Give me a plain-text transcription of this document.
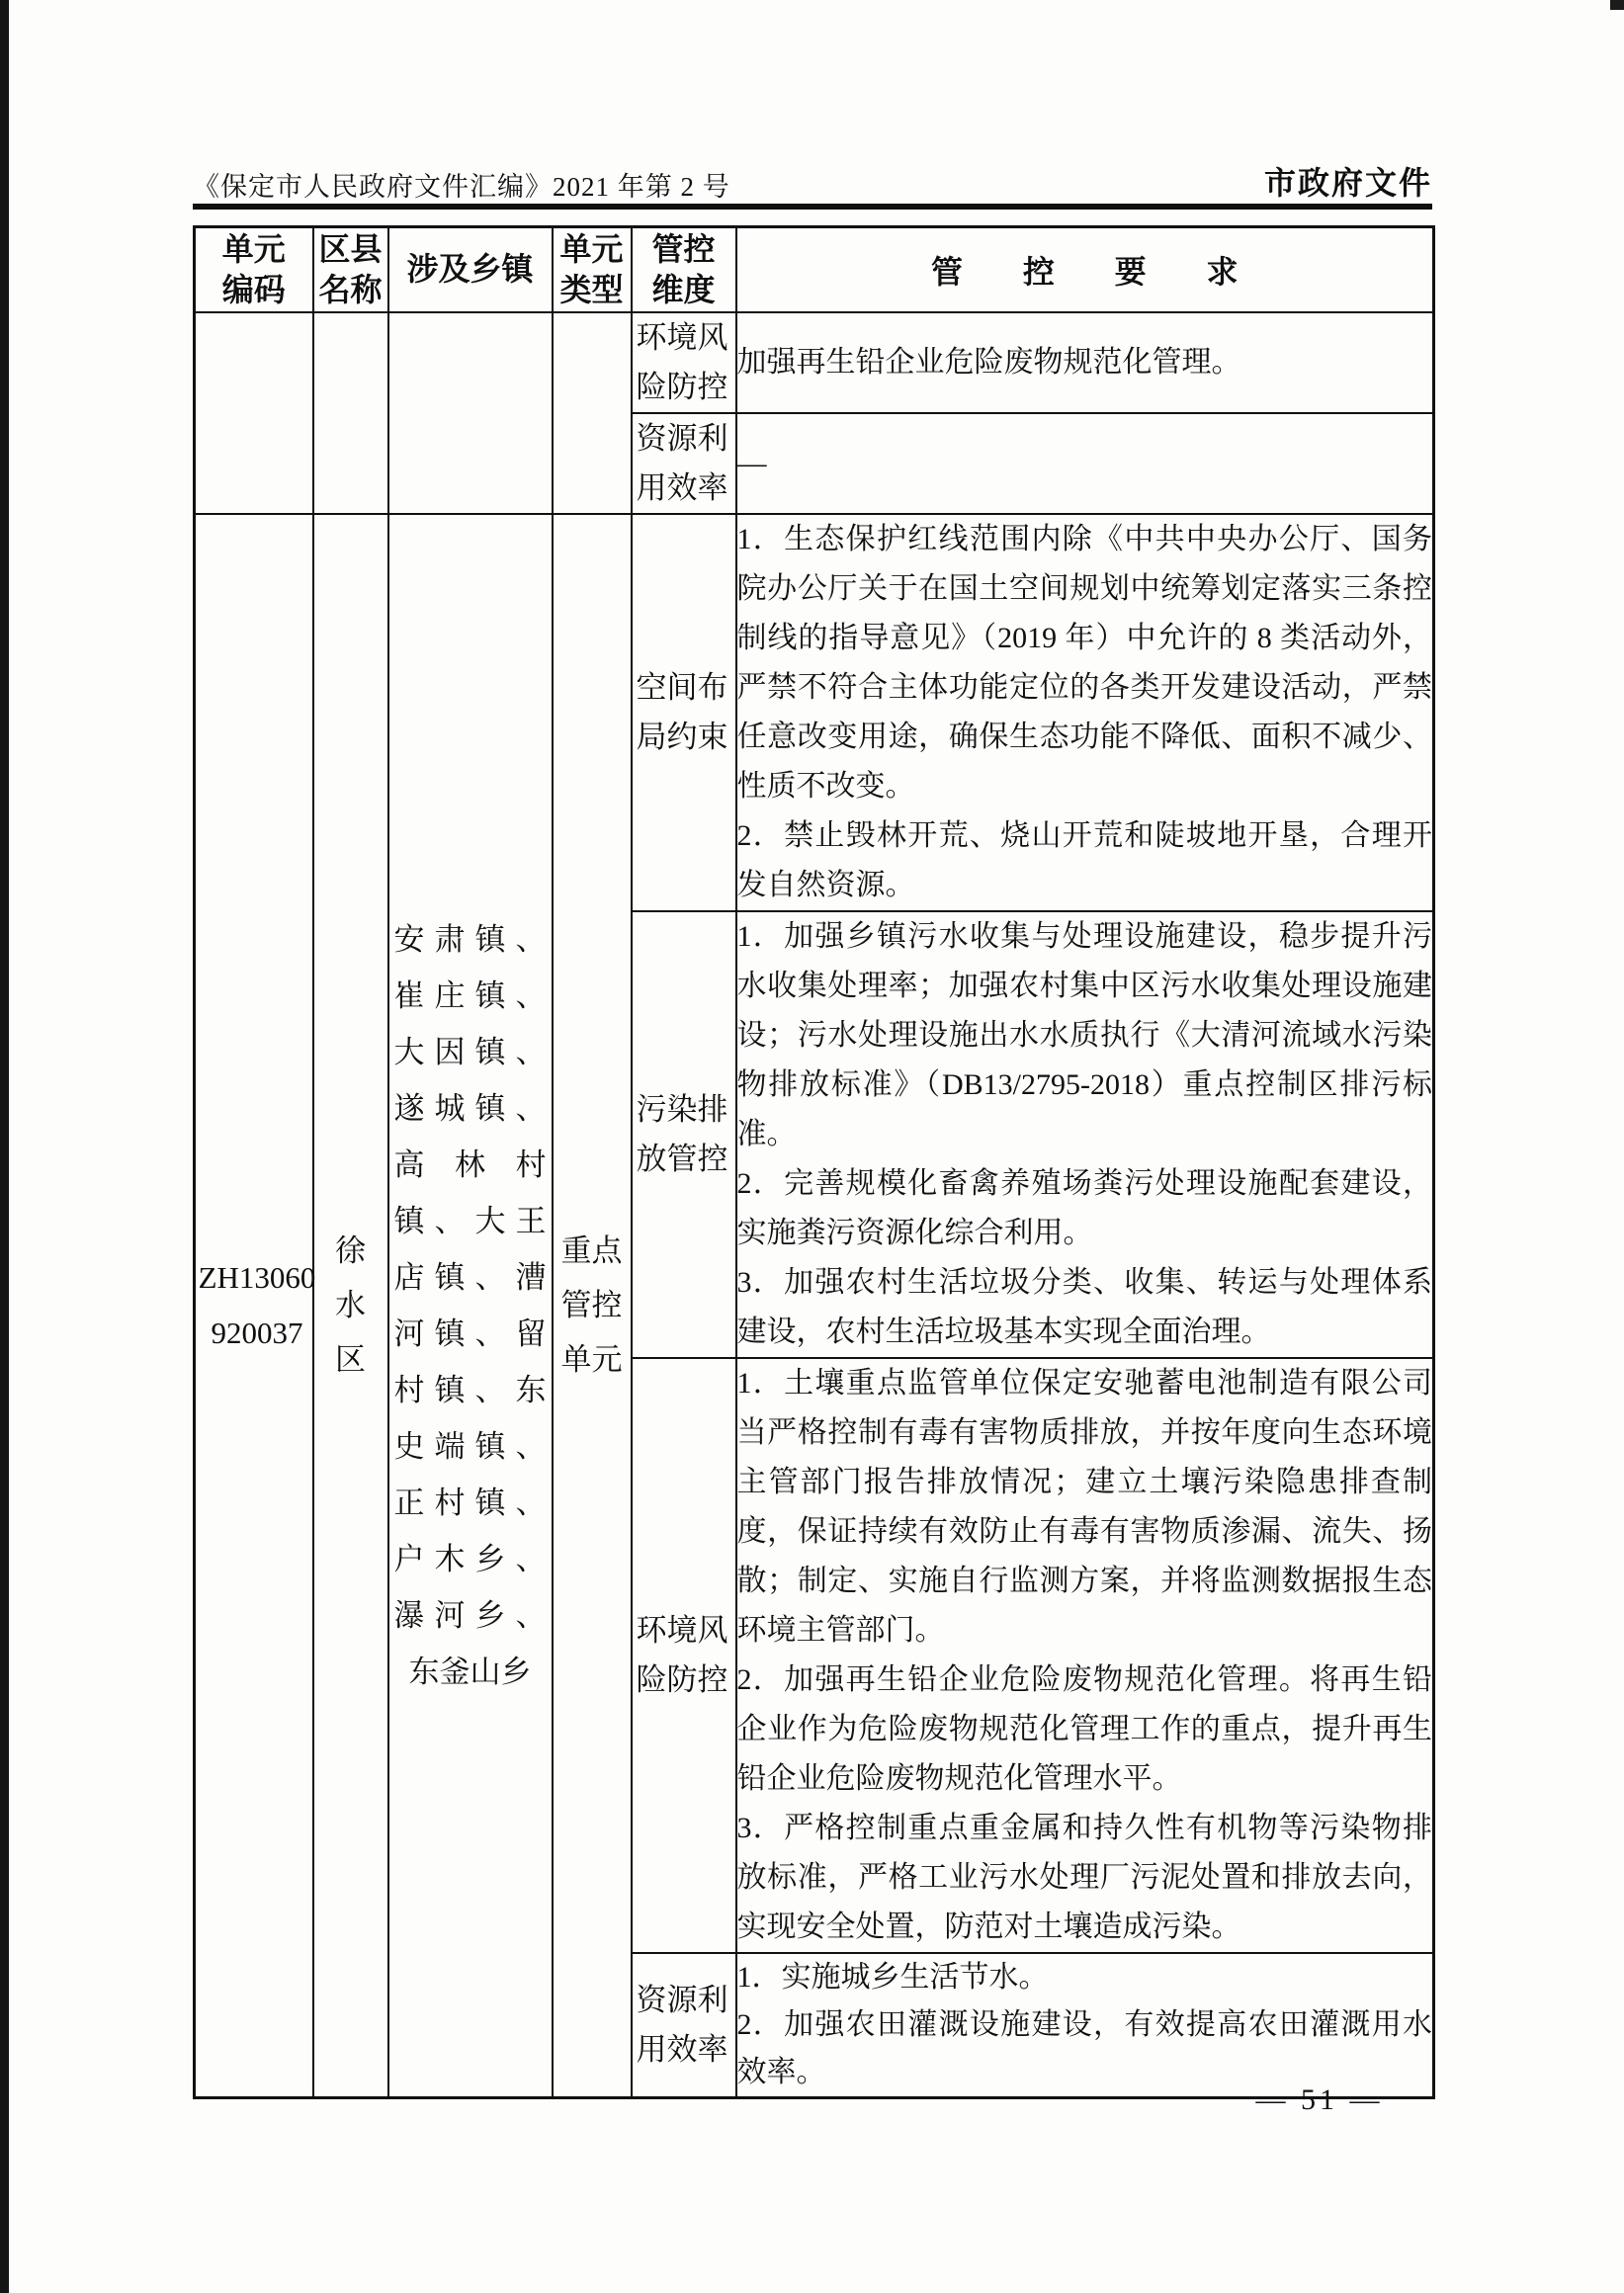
《保定市人民政府文件汇编》2021 年第 2 号	市政府文件
单元编码	区县名称	涉及乡镇	单元类型	管控维度	管控要求

				环境风险防控	加强再生铅企业危险废物规范化管理。

				资源利用效率	—

ZH13060 920037	徐水区	安肃镇、崔庄镇、大因镇、遂城镇、高林村镇、大王店镇、漕河镇、留村镇、东史端镇、正村镇、户木乡、瀑河乡、东釜山乡	重点管控单元	空间布局约束	1．生态保护红线范围内除《中共中央办公厅、国务院办公厅关于在国土空间规划中统筹划定落实三条控制线的指导意见》（2019 年）中允许的 8 类活动外，严禁不符合主体功能定位的各类开发建设活动，严禁任意改变用途，确保生态功能不降低、面积不减少、性质不改变。
2．禁止毁林开荒、烧山开荒和陡坡地开垦，合理开发自然资源。

				污染排放管控	1．加强乡镇污水收集与处理设施建设，稳步提升污水收集处理率；加强农村集中区污水收集处理设施建设；污水处理设施出水水质执行《大清河流域水污染物排放标准》（DB13/2795-2018）重点控制区排污标准。
2．完善规模化畜禽养殖场粪污处理设施配套建设，实施粪污资源化综合利用。
3．加强农村生活垃圾分类、收集、转运与处理体系建设，农村生活垃圾基本实现全面治理。

				环境风险防控	1．土壤重点监管单位保定安驰蓄电池制造有限公司当严格控制有毒有害物质排放，并按年度向生态环境主管部门报告排放情况；建立土壤污染隐患排查制度，保证持续有效防止有毒有害物质渗漏、流失、扬散；制定、实施自行监测方案，并将监测数据报生态环境主管部门。
2．加强再生铅企业危险废物规范化管理。将再生铅企业作为危险废物规范化管理工作的重点，提升再生铅企业危险废物规范化管理水平。
3．严格控制重点重金属和持久性有机物等污染物排放标准，严格工业污水处理厂污泥处置和排放去向，实现安全处置，防范对土壤造成污染。

				资源利用效率	1．实施城乡生活节水。
2．加强农田灌溉设施建设，有效提高农田灌溉用水效率。
— 51 —
